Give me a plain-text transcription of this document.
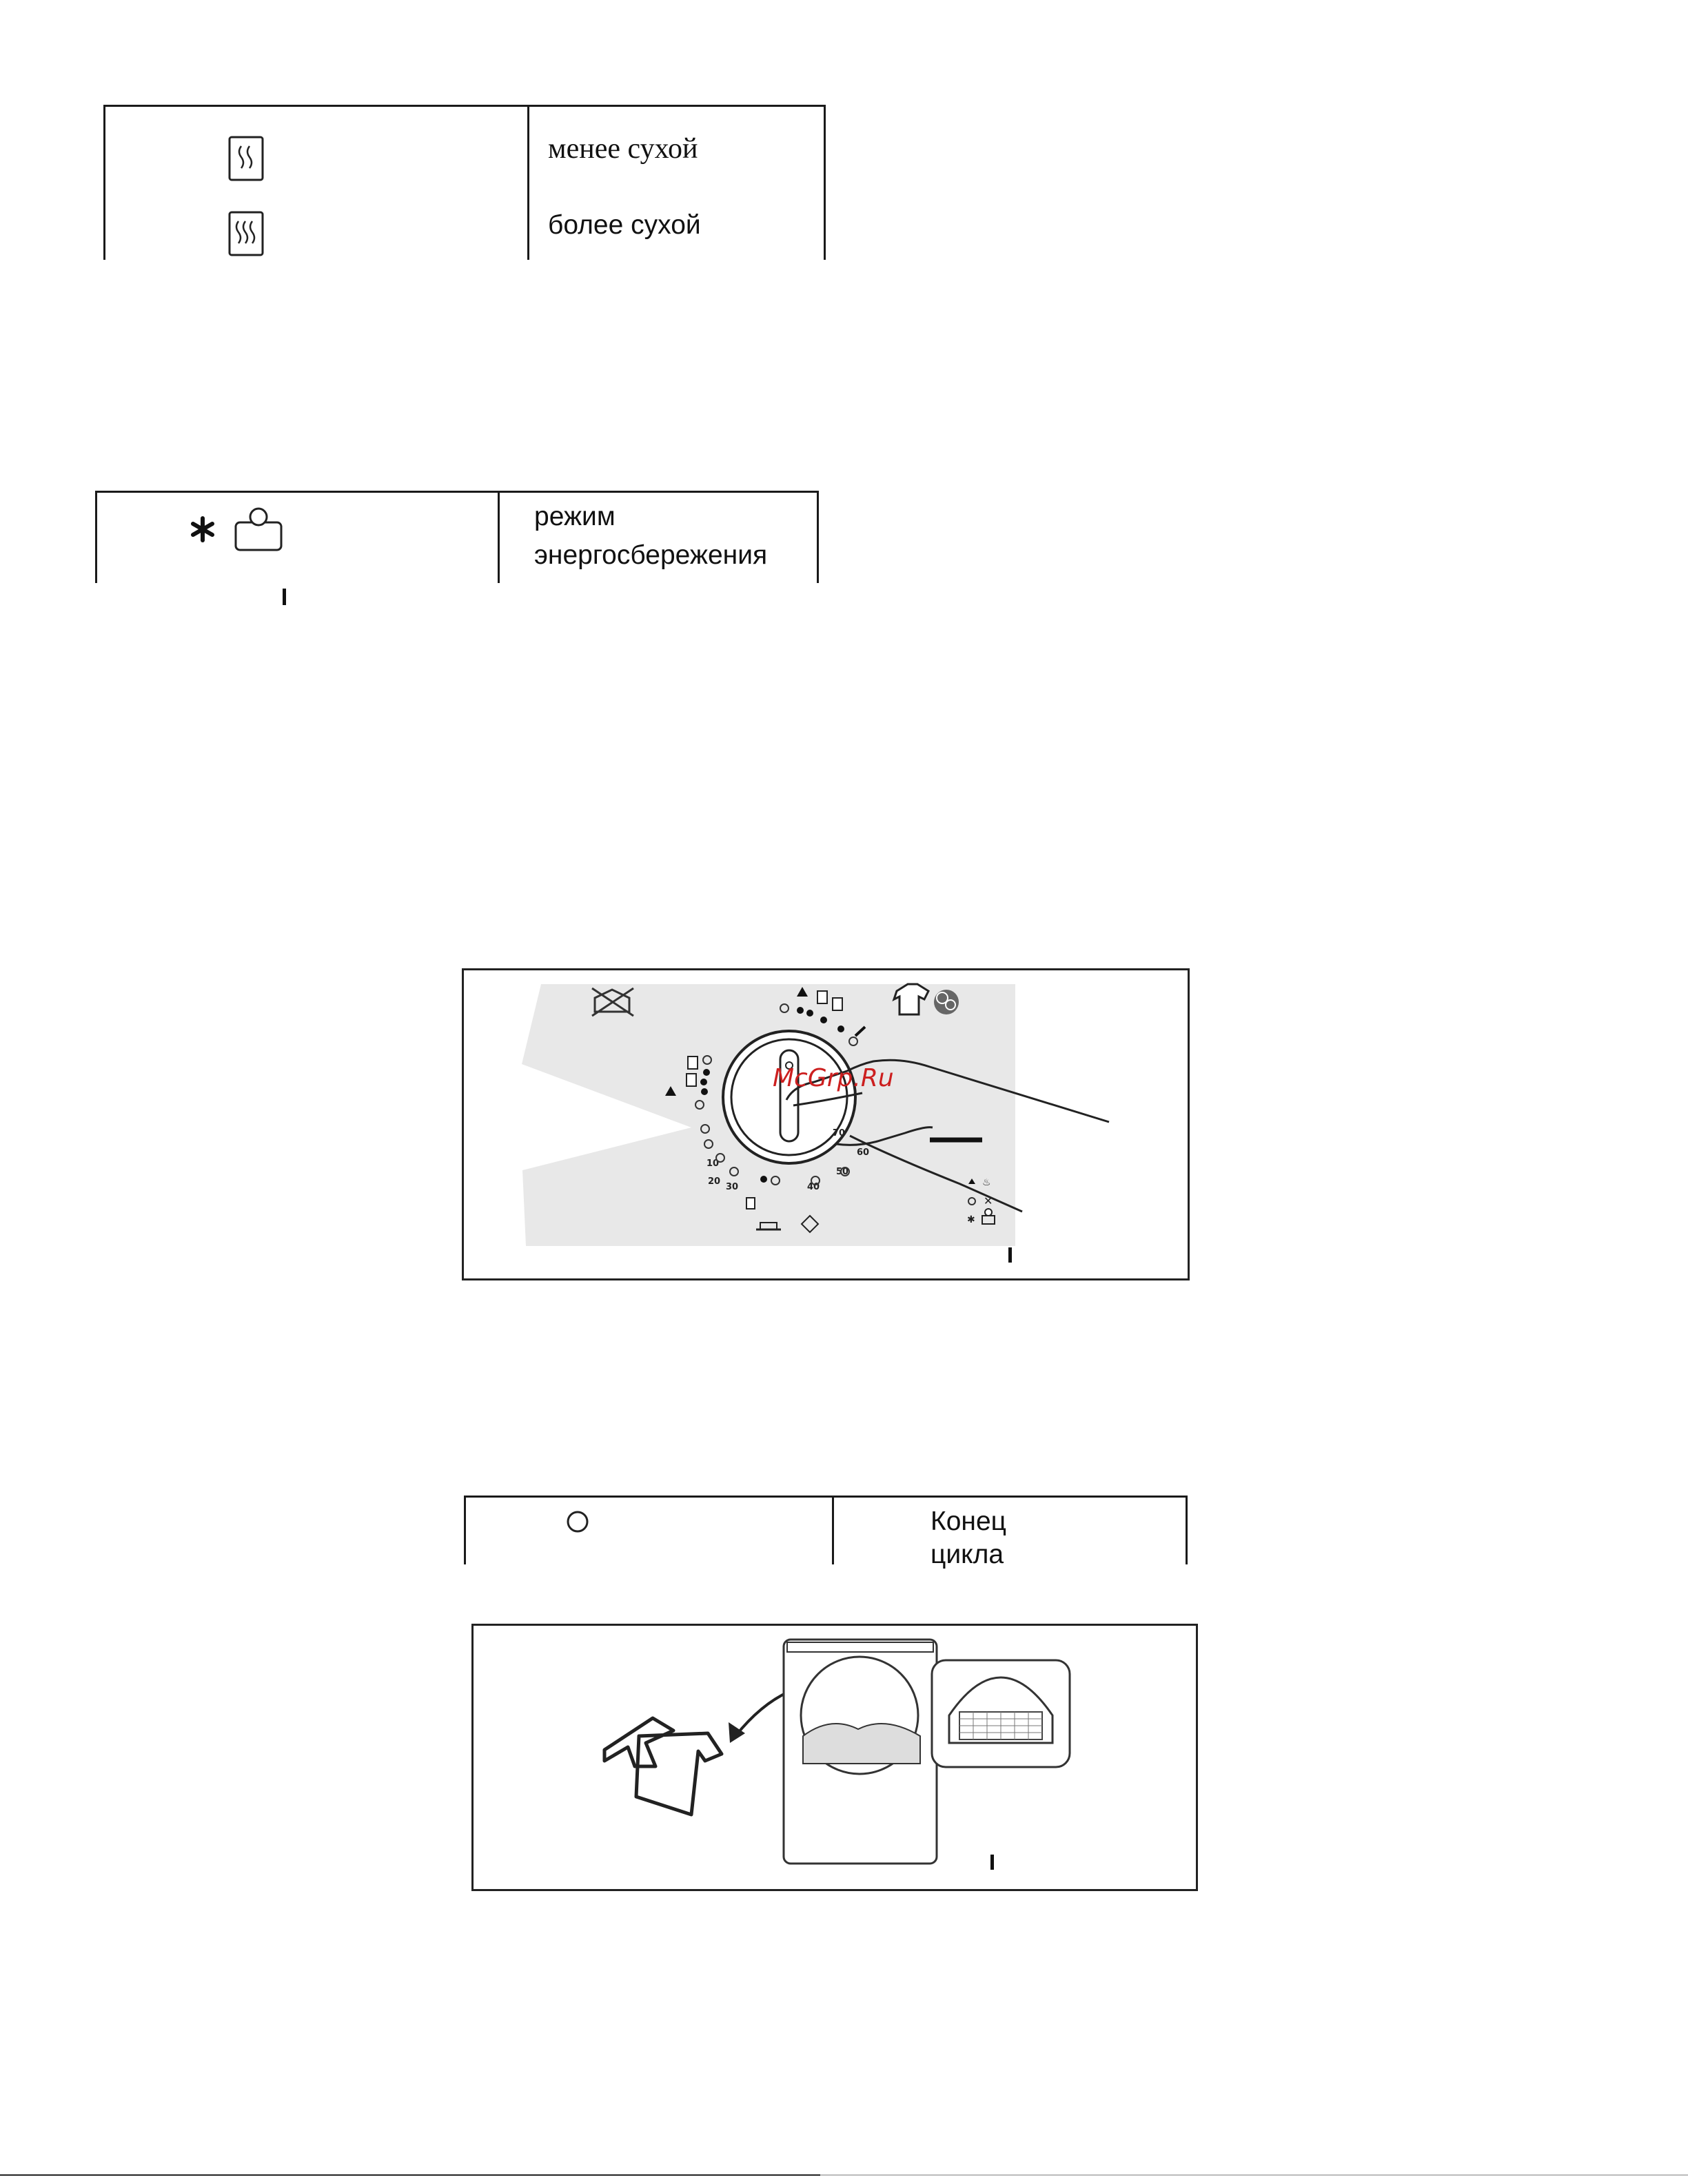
менее сухой
более сухой
режим
энергосбережения
70
60
50
40
30
20
10
♨
✕
✱
McGrp.Ru
Конец
цикла
